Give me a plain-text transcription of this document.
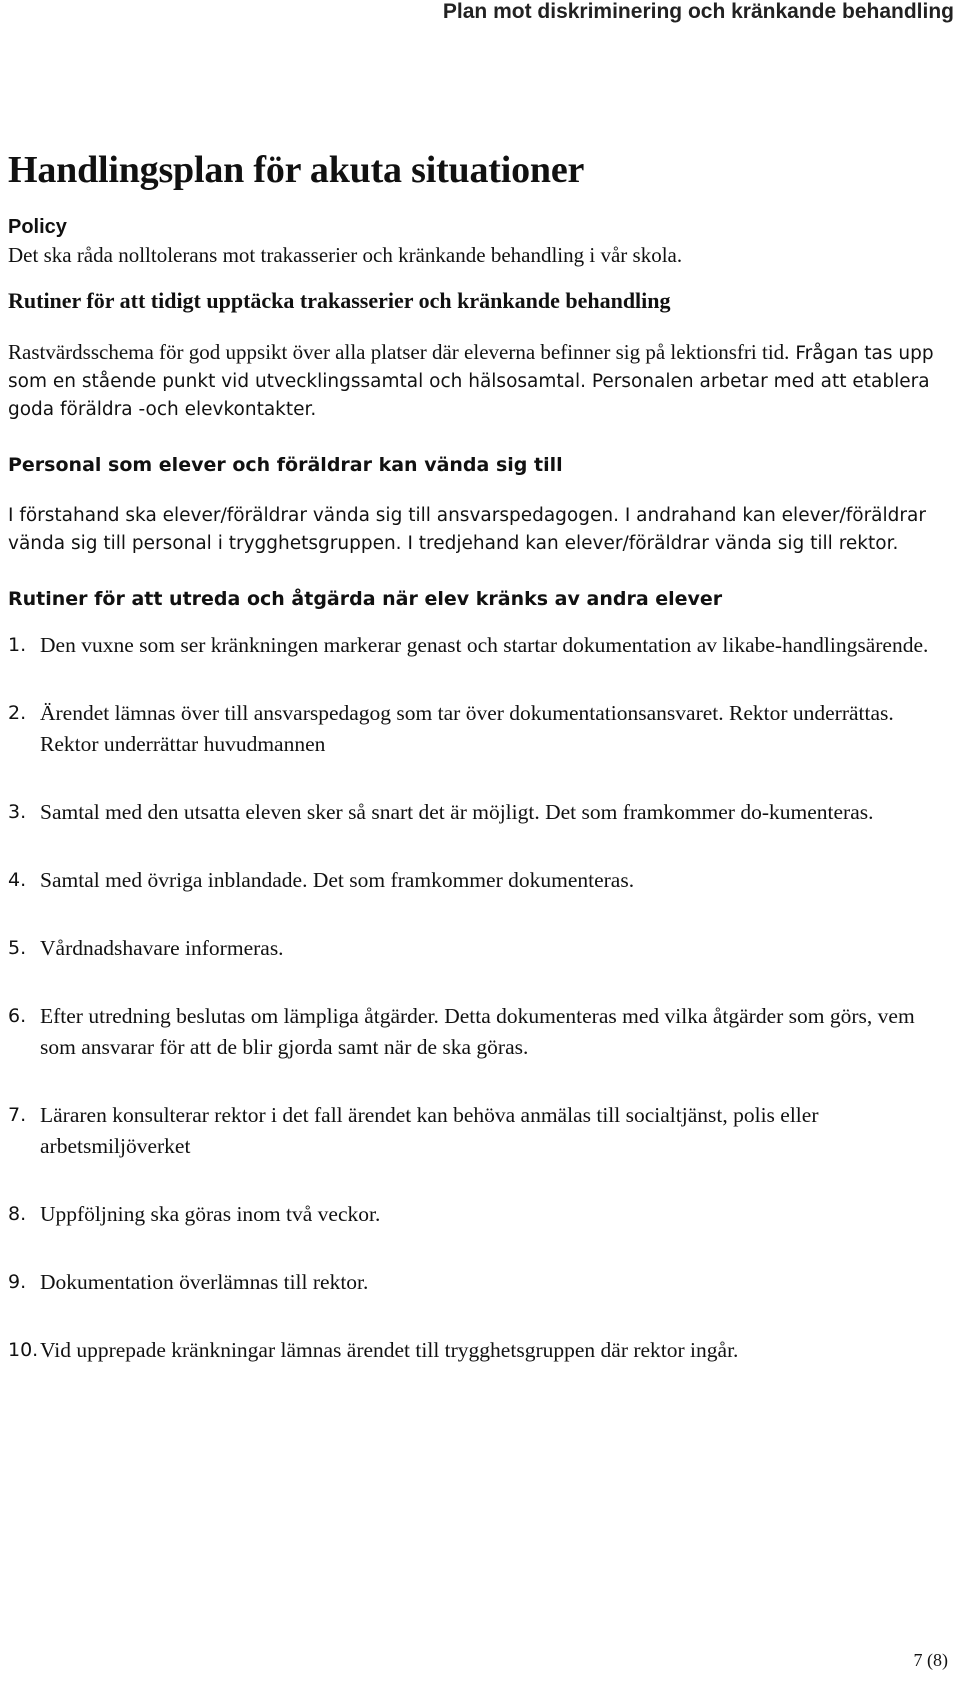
Plan mot diskriminering och kränkande behandling
Handlingsplan för akuta situationer
Policy

Det ska råda nolltolerans mot trakasserier och kränkande behandling i vår skola.

Rutiner för att tidigt upptäcka trakasserier och kränkande behandling

Rastvärdsschema för god uppsikt över alla platser där eleverna befinner sig på lektionsfri tid. Frågan tas upp som en stående punkt vid utvecklingssamtal och hälsosamtal. Personalen arbetar med att etablera goda föräldra -och elevkontakter.

Personal som elever och föräldrar kan vända sig till

I förstahand ska elever/föräldrar vända sig till ansvarspedagogen. I andrahand kan elever/föräldrar vända sig till personal i trygghetsgruppen. I tredjehand kan elever/föräldrar vända sig till rektor.

Rutiner för att utreda och åtgärda när elev kränks av andra elever
1. Den vuxne som ser kränkningen markerar genast och startar dokumentation av likabe-handlingsärende.
2. Ärendet lämnas över till ansvarspedagog som tar över dokumentationsansvaret. Rektor underrättas. Rektor underrättar huvudmannen
3. Samtal med den utsatta eleven sker så snart det är möjligt. Det som framkommer do-kumenteras.
4. Samtal med övriga inblandade. Det som framkommer dokumenteras.
5. Vårdnadshavare informeras.
6. Efter utredning beslutas om lämpliga åtgärder. Detta dokumenteras med vilka åtgärder som görs, vem som ansvarar för att de blir gjorda samt när de ska göras.
7. Läraren konsulterar rektor i det fall ärendet kan behöva anmälas till socialtjänst, polis eller arbetsmiljöverket
8. Uppföljning ska göras inom två veckor.
9. Dokumentation överlämnas till rektor.
10. Vid upprepade kränkningar lämnas ärendet till trygghetsgruppen där rektor ingår.
7 (8)
